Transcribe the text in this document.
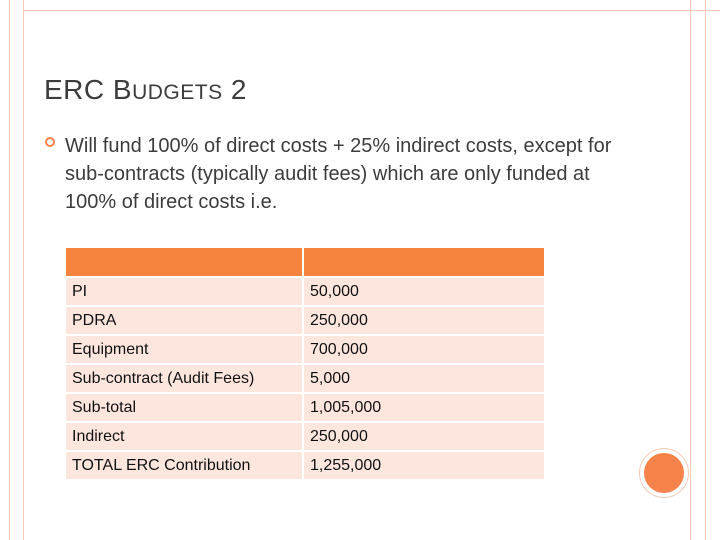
ERC BUDGETS 2
Will fund 100% of direct costs + 25% indirect costs, except for sub-contracts (typically audit fees) which are only funded at 100% of direct costs i.e.

PI	50,000
PDRA	250,000
Equipment	700,000
Sub-contract (Audit Fees)	5,000
Sub-total	1,005,000
Indirect	250,000
TOTAL ERC Contribution	1,255,000
